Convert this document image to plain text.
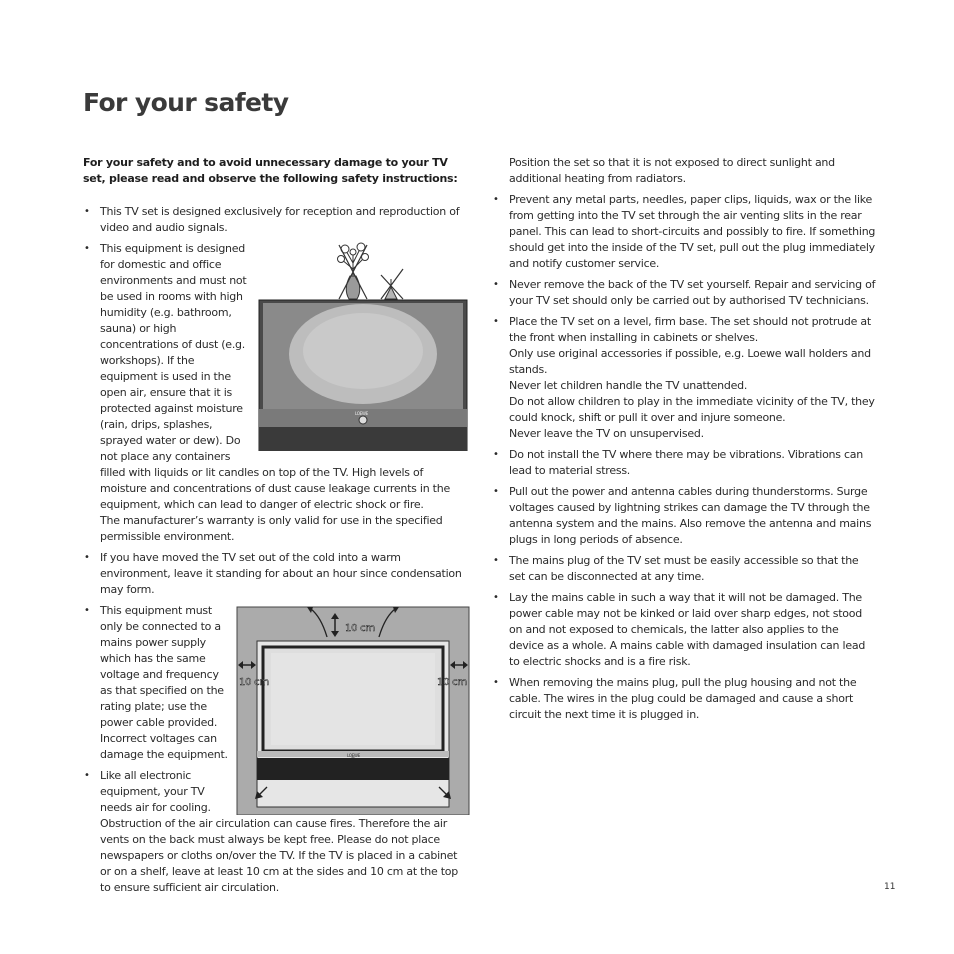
For your safety

For your safety and to avoid unnecessary damage to your TV set, please read and observe the following safety instructions:

• This TV set is designed exclusively for reception and reproduction of video and audio signals.
• LOEWE
This equipment is designed for domestic and office environments and must not be used in rooms with high humidity (e.g. bathroom, sauna) or high concentrations of dust (e.g. workshops). If the equipment is used in the open air, ensure that it is protected against moisture (rain, drips, splashes, sprayed water or dew). Do not place any containers filled with liquids or lit candles on top of the TV. High levels of moisture and concentrations of dust cause leakage currents in the equipment, which can lead to danger of electric shock or fire.
The manufacturer’s warranty is only valid for use in the specified permissible environment.
• If you have moved the TV set out of the cold into a warm environment, leave it standing for about an hour since condensation may form.
• LOEWE
10 cm
10 cm	10 cm
This equipment must only be connected to a mains power supply which has the same voltage and frequency as that specified on the rating plate; use the power cable provided. Incorrect voltages can damage the equipment.
• Like all electronic equipment, your TV needs air for cooling. Obstruction of the air circulation can cause fires. Therefore the air vents on the back must always be kept free. Please do not place newspapers or cloths on/over the TV. If the TV is placed in a cabinet or on a shelf, leave at least 10 cm at the sides and 10 cm at the top to ensure sufficient air circulation.
Position the set so that it is not exposed to direct sunlight and additional heating from radiators.
• Prevent any metal parts, needles, paper clips, liquids, wax or the like from getting into the TV set through the air venting slits in the rear panel. This can lead to short-circuits and possibly to fire. If something should get into the inside of the TV set, pull out the plug immediately and notify customer service.
• Never remove the back of the TV set yourself. Repair and servicing of your TV set should only be carried out by authorised TV technicians.

• Place the TV set on a level, firm base. The set should not protrude at the front when installing in cabinets or shelves.

Only use original accessories if possible, e.g. Loewe wall holders and stands.

Never let children handle the TV unattended.

Do not allow children to play in the immediate vicinity of the TV, they could knock, shift or pull it over and injure someone.

Never leave the TV on unsupervised.

• Do not install the TV where there may be vibrations. Vibrations can lead to material stress.
• Pull out the power and antenna cables during thunderstorms. Surge voltages caused by lightning strikes can damage the TV through the antenna system and the mains. Also remove the antenna and mains plugs in long periods of absence.
• The mains plug of the TV set must be easily accessible so that the set can be disconnected at any time.
• Lay the mains cable in such a way that it will not be damaged. The power cable may not be kinked or laid over sharp edges, not stood on and not exposed to chemicals, the latter also applies to the device as a whole. A mains cable with damaged insulation can lead to electric shocks and is a fire risk.
• When removing the mains plug, pull the plug housing and not the cable. The wires in the plug could be damaged and cause a short circuit the next time it is plugged in.
11
